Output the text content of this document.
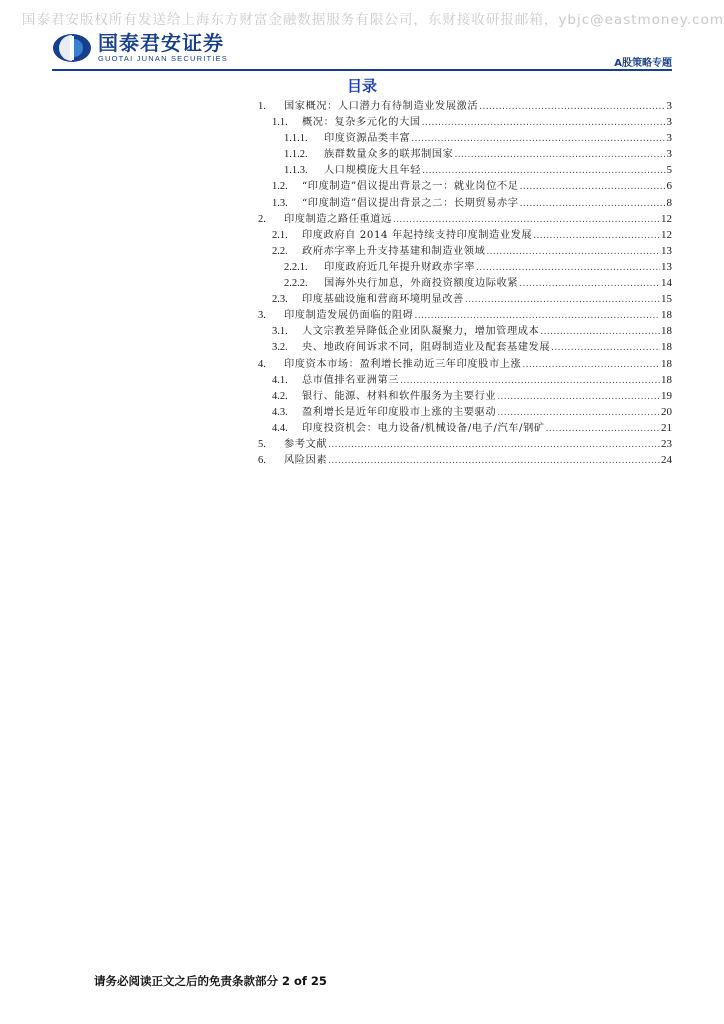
国泰君安版权所有发送给上海东方财富金融数据服务有限公司，东财接收研报邮箱，ybjc@eastmoney.com
国泰君安证券
GUOTAI JUNAN SECURITIES	A股策略专题
目录
1.	国家概况：人口潜力有待制造业发展激活 .....	3
1.1.	概况：复杂多元化的大国 .....	3
1.1.1.	印度资源品类丰富 .....	3
1.1.2.	族群数量众多的联邦制国家 .....	3
1.1.3.	人口规模庞大且年轻 .....	5
1.2.	“印度制造”倡议提出背景之一：就业岗位不足 .....	6
1.3.	“印度制造”倡议提出背景之二：长期贸易赤字 .....	8
2.	印度制造之路任重道远 .....	12
2.1.	印度政府自 2014 年起持续支持印度制造业发展 .....	12
2.2.	政府赤字率上升支持基建和制造业领域 .....	13
2.2.1.	印度政府近几年提升财政赤字率 .....	13
2.2.2.	国海外央行加息，外商投资额度边际收紧 .....	14
2.3.	印度基础设施和营商环境明显改善 .....	15
3.	印度制造发展仍面临的阻碍 .....	18
3.1.	人文宗教差异降低企业团队凝聚力，增加管理成本 .....	18
3.2.	央、地政府间诉求不同，阻碍制造业及配套基建发展 .....	18
4.	印度资本市场：盈利增长推动近三年印度股市上涨 .....	18
4.1.	总市值排名亚洲第三 .....	18
4.2.	银行、能源、材料和软件服务为主要行业 .....	19
4.3.	盈利增长是近年印度股市上涨的主要驱动 .....	20
4.4.	印度投资机会：电力设备/机械设备/电子/汽车/钢矿 .....	21
5.	参考文献 .....	23
6.	风险因素 .....	24
请务必阅读正文之后的免责条款部分 2 of 25
